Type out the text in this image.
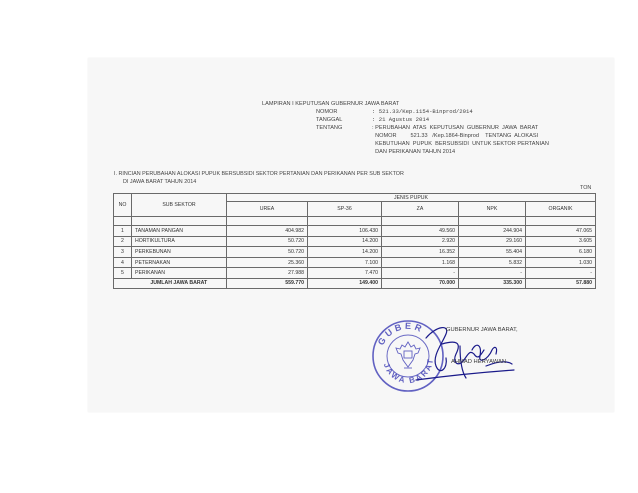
LAMPIRAN I KEPUTUSAN GUBERNUR JAWA BARAT
NOMOR	: 521.33/Kep.1154-Binprod/2014
TANGGAL	: 21 Agustus 2014
TENTANG	: PERUBAHAN  ATAS  KEPUTUSAN  GUBERNUR  JAWA  BARAT
NOMOR         521.33   /Kep.1864-Binprod    TENTANG  ALOKASI
KEBUTUHAN  PUPUK  BERSUBSIDI  UNTUK SEKTOR PERTANIAN
DAN PERIKANAN TAHUN 2014
I. RINCIAN PERUBAHAN ALOKASI PUPUK BERSUBSIDI SEKTOR PERTANIAN DAN PERIKANAN PER SUB SEKTOR
DI JAWA BARAT TAHUN 2014
TON
NO	SUB SEKTOR	JENIS PUPUK				
		UREA	SP-36	ZA	NPK	ORGANIK

1	TANAMAN PANGAN	404.982	106.430	49.560	244.904	47.065
2	HORTIKULTURA	50.720	14.200	2.920	29.160	3.605
3	PERKEBUNAN	50.720	14.200	16.352	55.404	6.180
4	PETERNAKAN	25.360	7.100	1.168	5.832	1.030
5	PERIKANAN	27.988	7.470	-	-	-
	JUMLAH JAWA BARAT	559.770	149.400	70.000	335.300	57.880
GUBER
JAWA BARAT
GUBERNUR JAWA BARAT,
AHMAD HERYAWAN
